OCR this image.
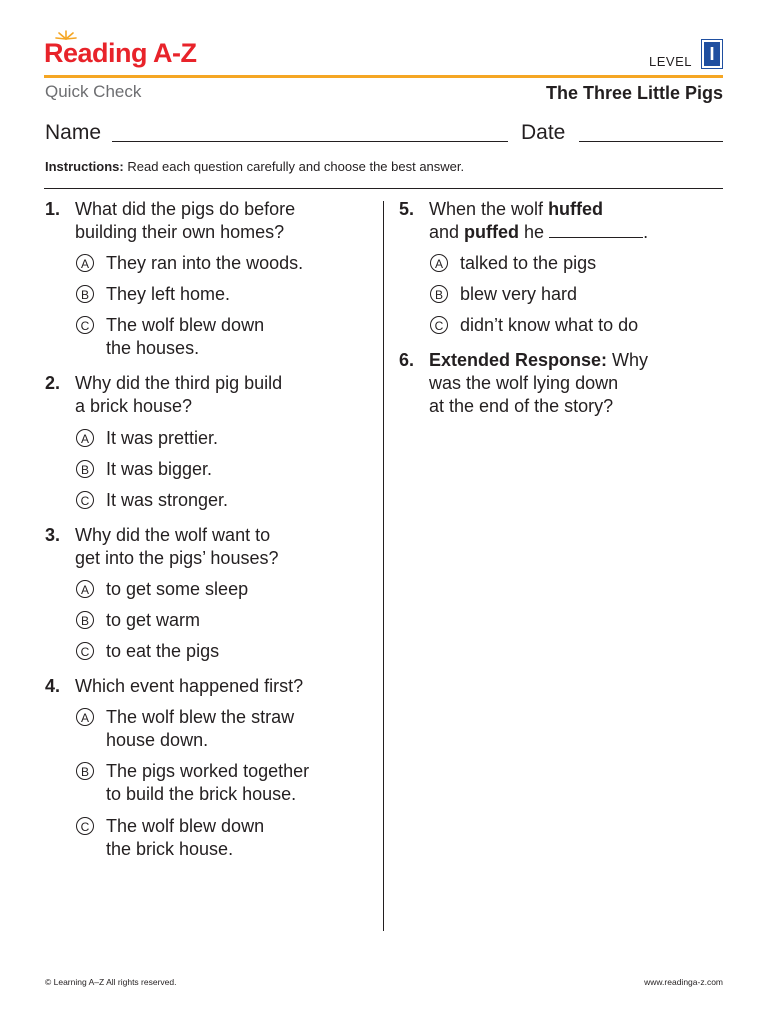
Reading A-Z	LEVEL I
Quick Check	The Three Little Pigs
Name	Date
Instructions: Read each question carefully and choose the best answer.
1. What did the pigs do before
building their own homes?
A They ran into the woods.
B They left home.
C The wolf blew down
the houses.
2. Why did the third pig build
a brick house?
A It was prettier.
B It was bigger.
C It was stronger.
3. Why did the wolf want to
get into the pigs’ houses?
A to get some sleep
B to get warm
C to eat the pigs
4. Which event happened first?
A The wolf blew the straw
house down.
B The pigs worked together
to build the brick house.
C The wolf blew down
the brick house.
5. When the wolf huffed
and puffed he	.
A talked to the pigs
B blew very hard
C didn’t know what to do
6. Extended Response: Why
was the wolf lying down
at the end of the story?
© Learning A–Z All rights reserved.	www.readinga-z.com
